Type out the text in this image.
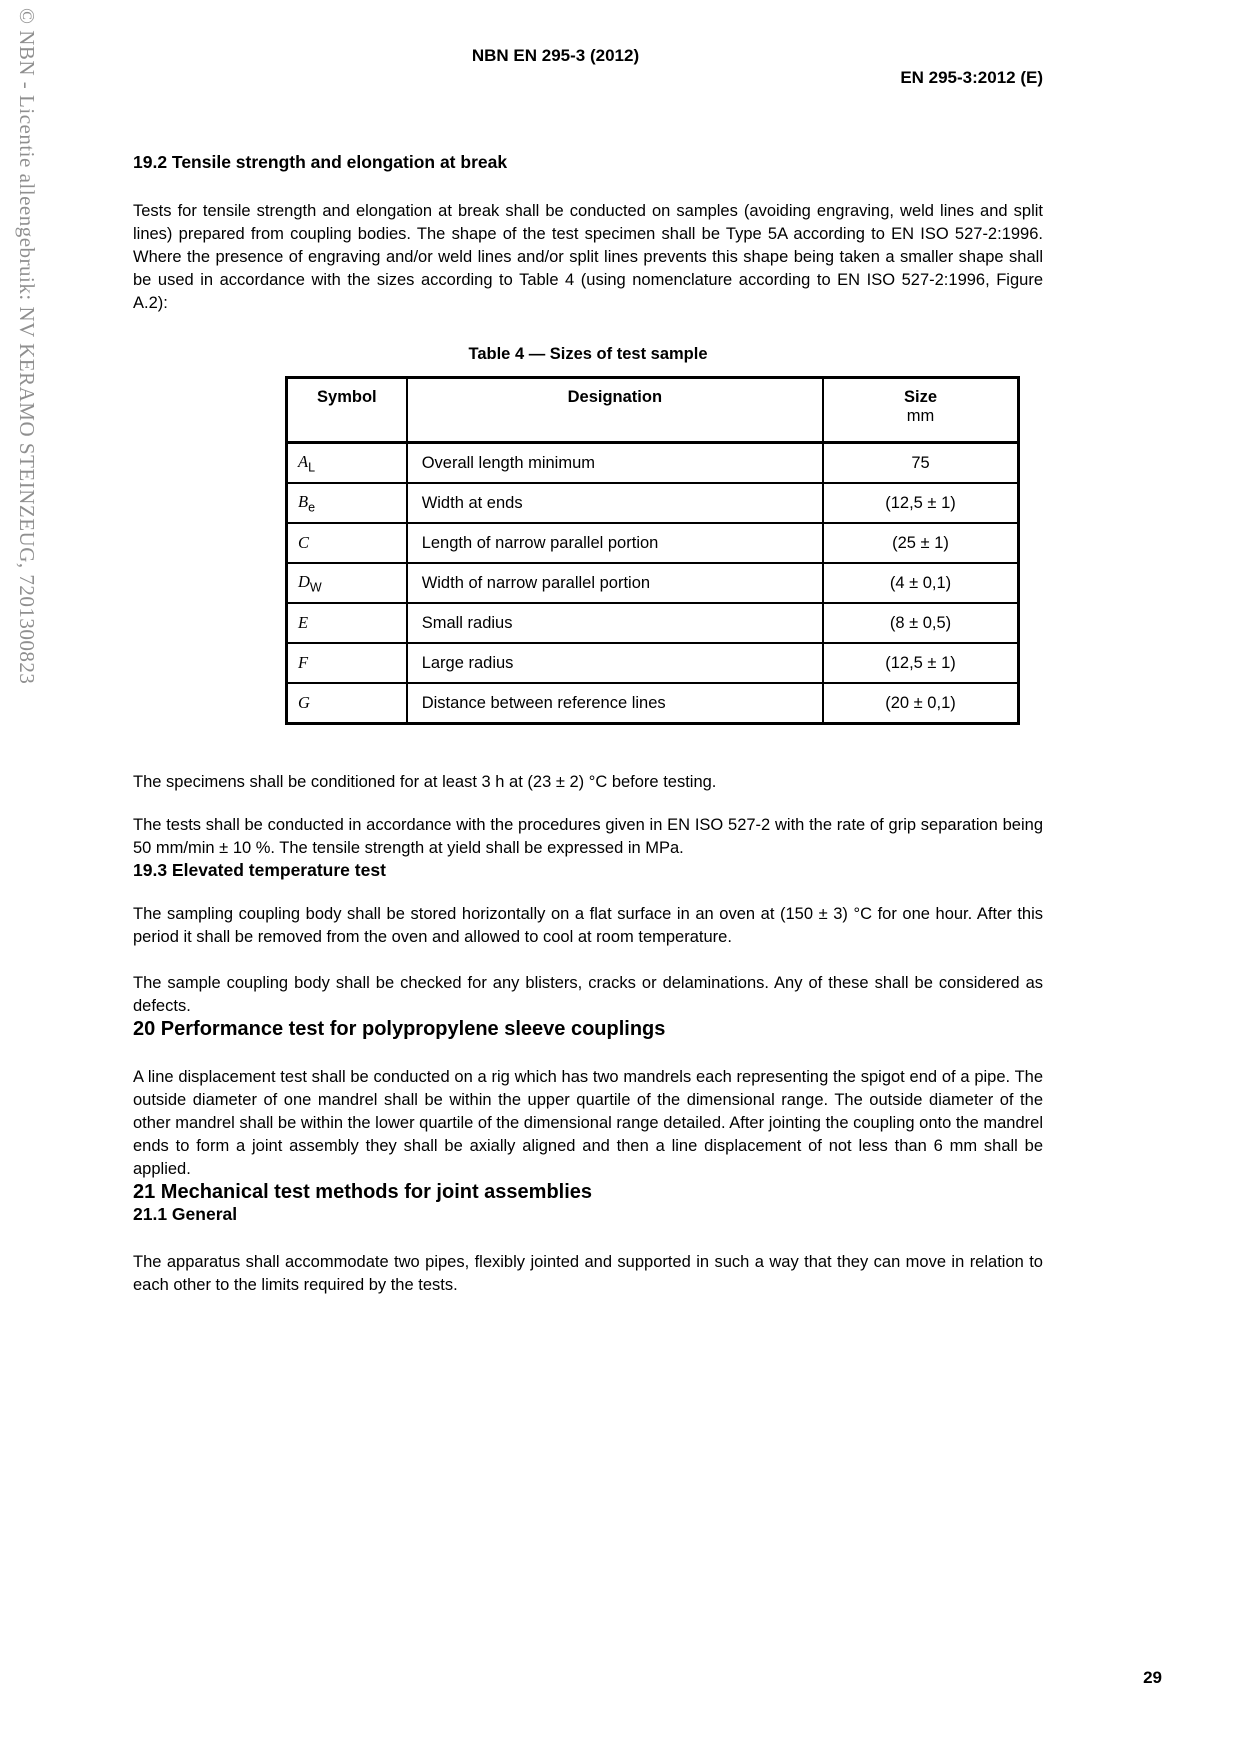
© NBN - Licentie alleengebruik: NV KERAMO STEINZEUG, 7201300823	NBN EN 295-3 (2012)
EN 295-3:2012 (E)
19.2 Tensile strength and elongation at break

Tests for tensile strength and elongation at break shall be conducted on samples (avoiding engraving, weld lines and split lines) prepared from coupling bodies. The shape of the test specimen shall be Type 5A according to EN ISO 527-2:1996. Where the presence of engraving and/or weld lines and/or split lines prevents this shape being taken a smaller shape shall be used in accordance with the sizes according to Table 4 (using nomenclature according to EN ISO 527-2:1996, Figure A.2):

Table 4 — Sizes of test sample
Symbol	Designation	Size
mm

$A_L$	Overall length minimum	75
$B_e$	Width at ends	(12,5 ± 1)
C	Length of narrow parallel portion	(25 ± 1)
$D_W$	Width of narrow parallel portion	(4 ± 0,1)
E	Small radius	(8 ± 0,5)
F	Large radius	(12,5 ± 1)
G	Distance between reference lines	(20 ± 0,1)

The specimens shall be conditioned for at least 3 h at (23 ± 2) °C before testing.

The tests shall be conducted in accordance with the procedures given in EN ISO 527-2 with the rate of grip separation being 50 mm/min ± 10 %. The tensile strength at yield shall be expressed in MPa.

19.3 Elevated temperature test

The sampling coupling body shall be stored horizontally on a flat surface in an oven at (150 ± 3) °C for one hour. After this period it shall be removed from the oven and allowed to cool at room temperature.

The sample coupling body shall be checked for any blisters, cracks or delaminations. Any of these shall be considered as defects.

20 Performance test for polypropylene sleeve couplings

A line displacement test shall be conducted on a rig which has two mandrels each representing the spigot end of a pipe. The outside diameter of one mandrel shall be within the upper quartile of the dimensional range. The outside diameter of the other mandrel shall be within the lower quartile of the dimensional range detailed. After jointing the coupling onto the mandrel ends to form a joint assembly they shall be axially aligned and then a line displacement of not less than 6 mm shall be applied.

21 Mechanical test methods for joint assemblies
21.1 General

The apparatus shall accommodate two pipes, flexibly jointed and supported in such a way that they can move in relation to each other to the limits required by the tests.

29
